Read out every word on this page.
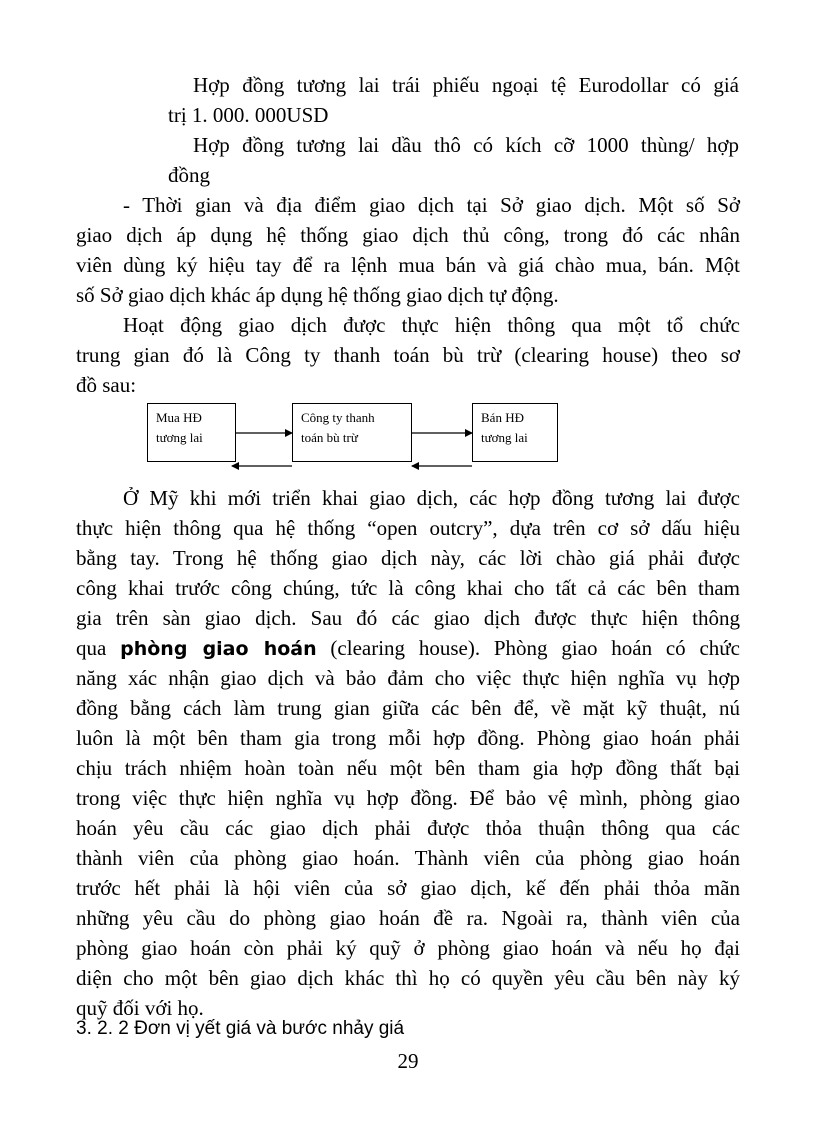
Hợp đồng tương lai trái phiếu ngoại tệ Eurodollar có giá
trị 1. 000. 000USD
Hợp đồng tương lai dầu thô có kích cỡ 1000 thùng/ hợp
đồng
- Thời gian và địa điểm giao dịch tại Sở giao dịch. Một số Sở
giao dịch áp dụng hệ thống giao dịch thủ công, trong đó các nhân
viên dùng ký hiệu tay để ra lệnh mua bán và giá chào mua, bán. Một
số Sở giao dịch khác áp dụng hệ thống giao dịch tự động.
Hoạt động giao dịch được thực hiện thông qua một tổ chức
trung gian đó là Công ty thanh toán bù trừ (clearing house) theo sơ
đồ sau:
Mua HĐ
tương lai
Công ty thanh
toán bù trừ
Bán HĐ
tương lai
Ở Mỹ khi mới triển khai giao dịch, các hợp đồng tương lai được
thực hiện thông qua hệ thống “open outcry”, dựa trên cơ sở dấu hiệu
bằng tay. Trong hệ thống giao dịch này, các lời chào giá phải được
công khai trước công chúng, tức là công khai cho tất cả các bên tham
gia trên sàn giao dịch. Sau đó các giao dịch được thực hiện thông
qua phòng giao hoán (clearing house). Phòng giao hoán có chức
năng xác nhận giao dịch và bảo đảm cho việc thực hiện nghĩa vụ hợp
đồng bằng cách làm trung gian giữa các bên để, về mặt kỹ thuật, nú
luôn là một bên tham gia trong mỗi hợp đồng. Phòng giao hoán phải
chịu trách nhiệm hoàn toàn nếu một bên tham gia hợp đồng thất bại
trong việc thực hiện nghĩa vụ hợp đồng. Để bảo vệ mình, phòng giao
hoán yêu cầu các giao dịch phải được thỏa thuận thông qua các
thành viên của phòng giao hoán. Thành viên của phòng giao hoán
trước hết phải là hội viên của sở giao dịch, kế đến phải thỏa mãn
những yêu cầu do phòng giao hoán đề ra. Ngoài ra, thành viên của
phòng giao hoán còn phải ký quỹ ở phòng giao hoán và nếu họ đại
diện cho một bên giao dịch khác thì họ có quyền yêu cầu bên này ký
quỹ đối với họ.
3. 2. 2 Đơn vị yết giá và bước nhảy giá
29
